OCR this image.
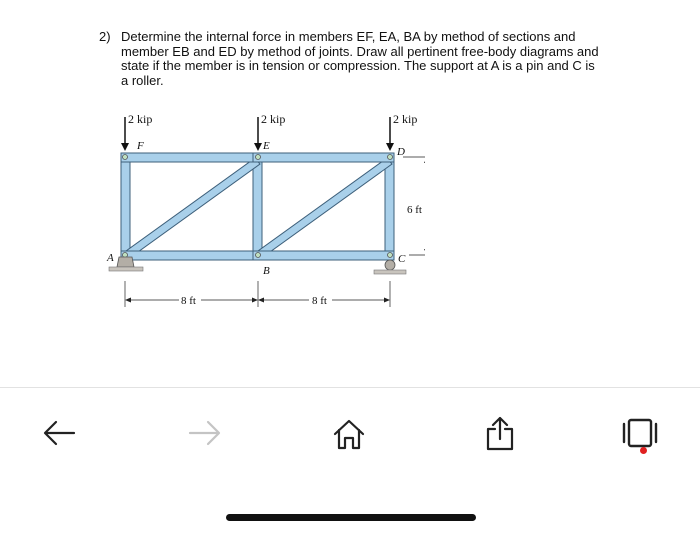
2) Determine the internal force in members EF, EA, BA by method of sections and member EB and ED by method of joints. Draw all pertinent free-body diagrams and state if the member is in tension or compression. The support at A is a pin and C is a roller.
2 kip	2 kip	2 kip
F	E	D
A
B
C
6 ft
8 ft	8 ft
